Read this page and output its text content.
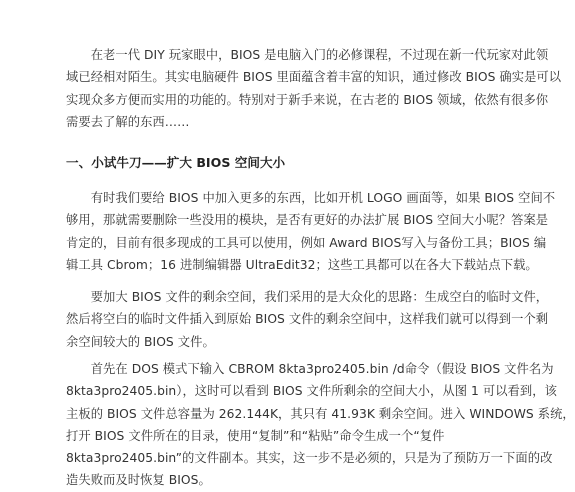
　　在老一代 DIY 玩家眼中，BIOS 是电脑入门的必修课程，不过现在新一代玩家对此领
域已经相对陌生。其实电脑硬件 BIOS 里面蕴含着丰富的知识，通过修改 BIOS 确实是可以
实现众多方便而实用的功能的。特别对于新手来说，在古老的 BIOS 领域，依然有很多你
需要去了解的东西……
一、小试牛刀——扩大 BIOS 空间大小
　　有时我们要给 BIOS 中加入更多的东西，比如开机 LOGO 画面等，如果 BIOS 空间不
够用，那就需要删除一些没用的模块，是否有更好的办法扩展 BIOS 空间大小呢？答案是
肯定的，目前有很多现成的工具可以使用，例如 Award BIOS写入与备份工具；BIOS 编
辑工具 Cbrom；16 进制编辑器 UltraEdit32；这些工具都可以在各大下载站点下载。
　　要加大 BIOS 文件的剩余空间，我们采用的是大众化的思路：生成空白的临时文件，
然后将空白的临时文件插入到原始 BIOS 文件的剩余空间中，这样我们就可以得到一个剩
余空间较大的 BIOS 文件。
　　首先在 DOS 模式下输入 CBROM 8kta3pro2405.bin /d命令（假设 BIOS 文件名为
8kta3pro2405.bin），这时可以看到 BIOS 文件所剩余的空间大小，从图 1 可以看到，该
主板的 BIOS 文件总容量为 262.144K，其只有 41.93K 剩余空间。进入 WINDOWS 系统，
打开 BIOS 文件所在的目录，使用“复制”和“粘贴”命令生成一个“复件
8kta3pro2405.bin”的文件副本。其实，这一步不是必须的，只是为了预防万一下面的改
造失败而及时恢复 BIOS。
